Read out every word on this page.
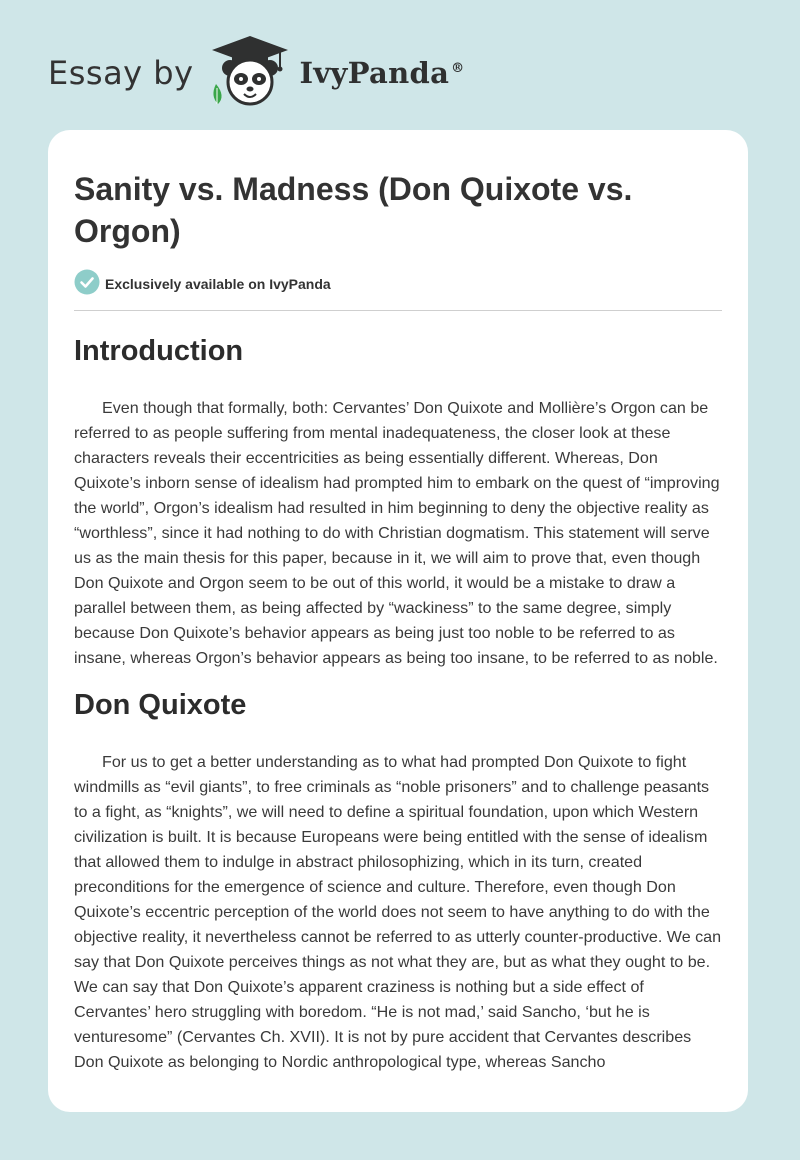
Essay by	IvyPanda ®
Sanity vs. Madness (Don Quixote vs. Orgon)
Exclusively available on IvyPanda
Introduction

Even though that formally, both: Cervantes’ Don Quixote and Mollière’s Orgon can be referred to as people suffering from mental inadequateness, the closer look at these characters reveals their eccentricities as being essentially different. Whereas, Don Quixote’s inborn sense of idealism had prompted him to embark on the quest of “improving the world”, Orgon’s idealism had resulted in him beginning to deny the objective reality as “worthless”, since it had nothing to do with Christian dogmatism. This statement will serve us as the main thesis for this paper, because in it, we will aim to prove that, even though Don Quixote and Orgon seem to be out of this world, it would be a mistake to draw a parallel between them, as being affected by “wackiness” to the same degree, simply because Don Quixote’s behavior appears as being just too noble to be referred to as insane, whereas Orgon’s behavior appears as being too insane, to be referred to as noble.

Don Quixote

For us to get a better understanding as to what had prompted Don Quixote to fight windmills as “evil giants”, to free criminals as “noble prisoners” and to challenge peasants to a fight, as “knights”, we will need to define a spiritual foundation, upon which Western civilization is built. It is because Europeans were being entitled with the sense of idealism that allowed them to indulge in abstract philosophizing, which in its turn, created preconditions for the emergence of science and culture. Therefore, even though Don Quixote’s eccentric perception of the world does not seem to have anything to do with the objective reality, it nevertheless cannot be referred to as utterly counter-productive. We can say that Don Quixote perceives things as not what they are, but as what they ought to be. We can say that Don Quixote’s apparent craziness is nothing but a side effect of Cervantes’ hero struggling with boredom. “He is not mad,’ said Sancho, ‘but he is venturesome” (Cervantes Ch. XVII). It is not by pure accident that Cervantes describes Don Quixote as belonging to Nordic anthropological type, whereas Sancho
